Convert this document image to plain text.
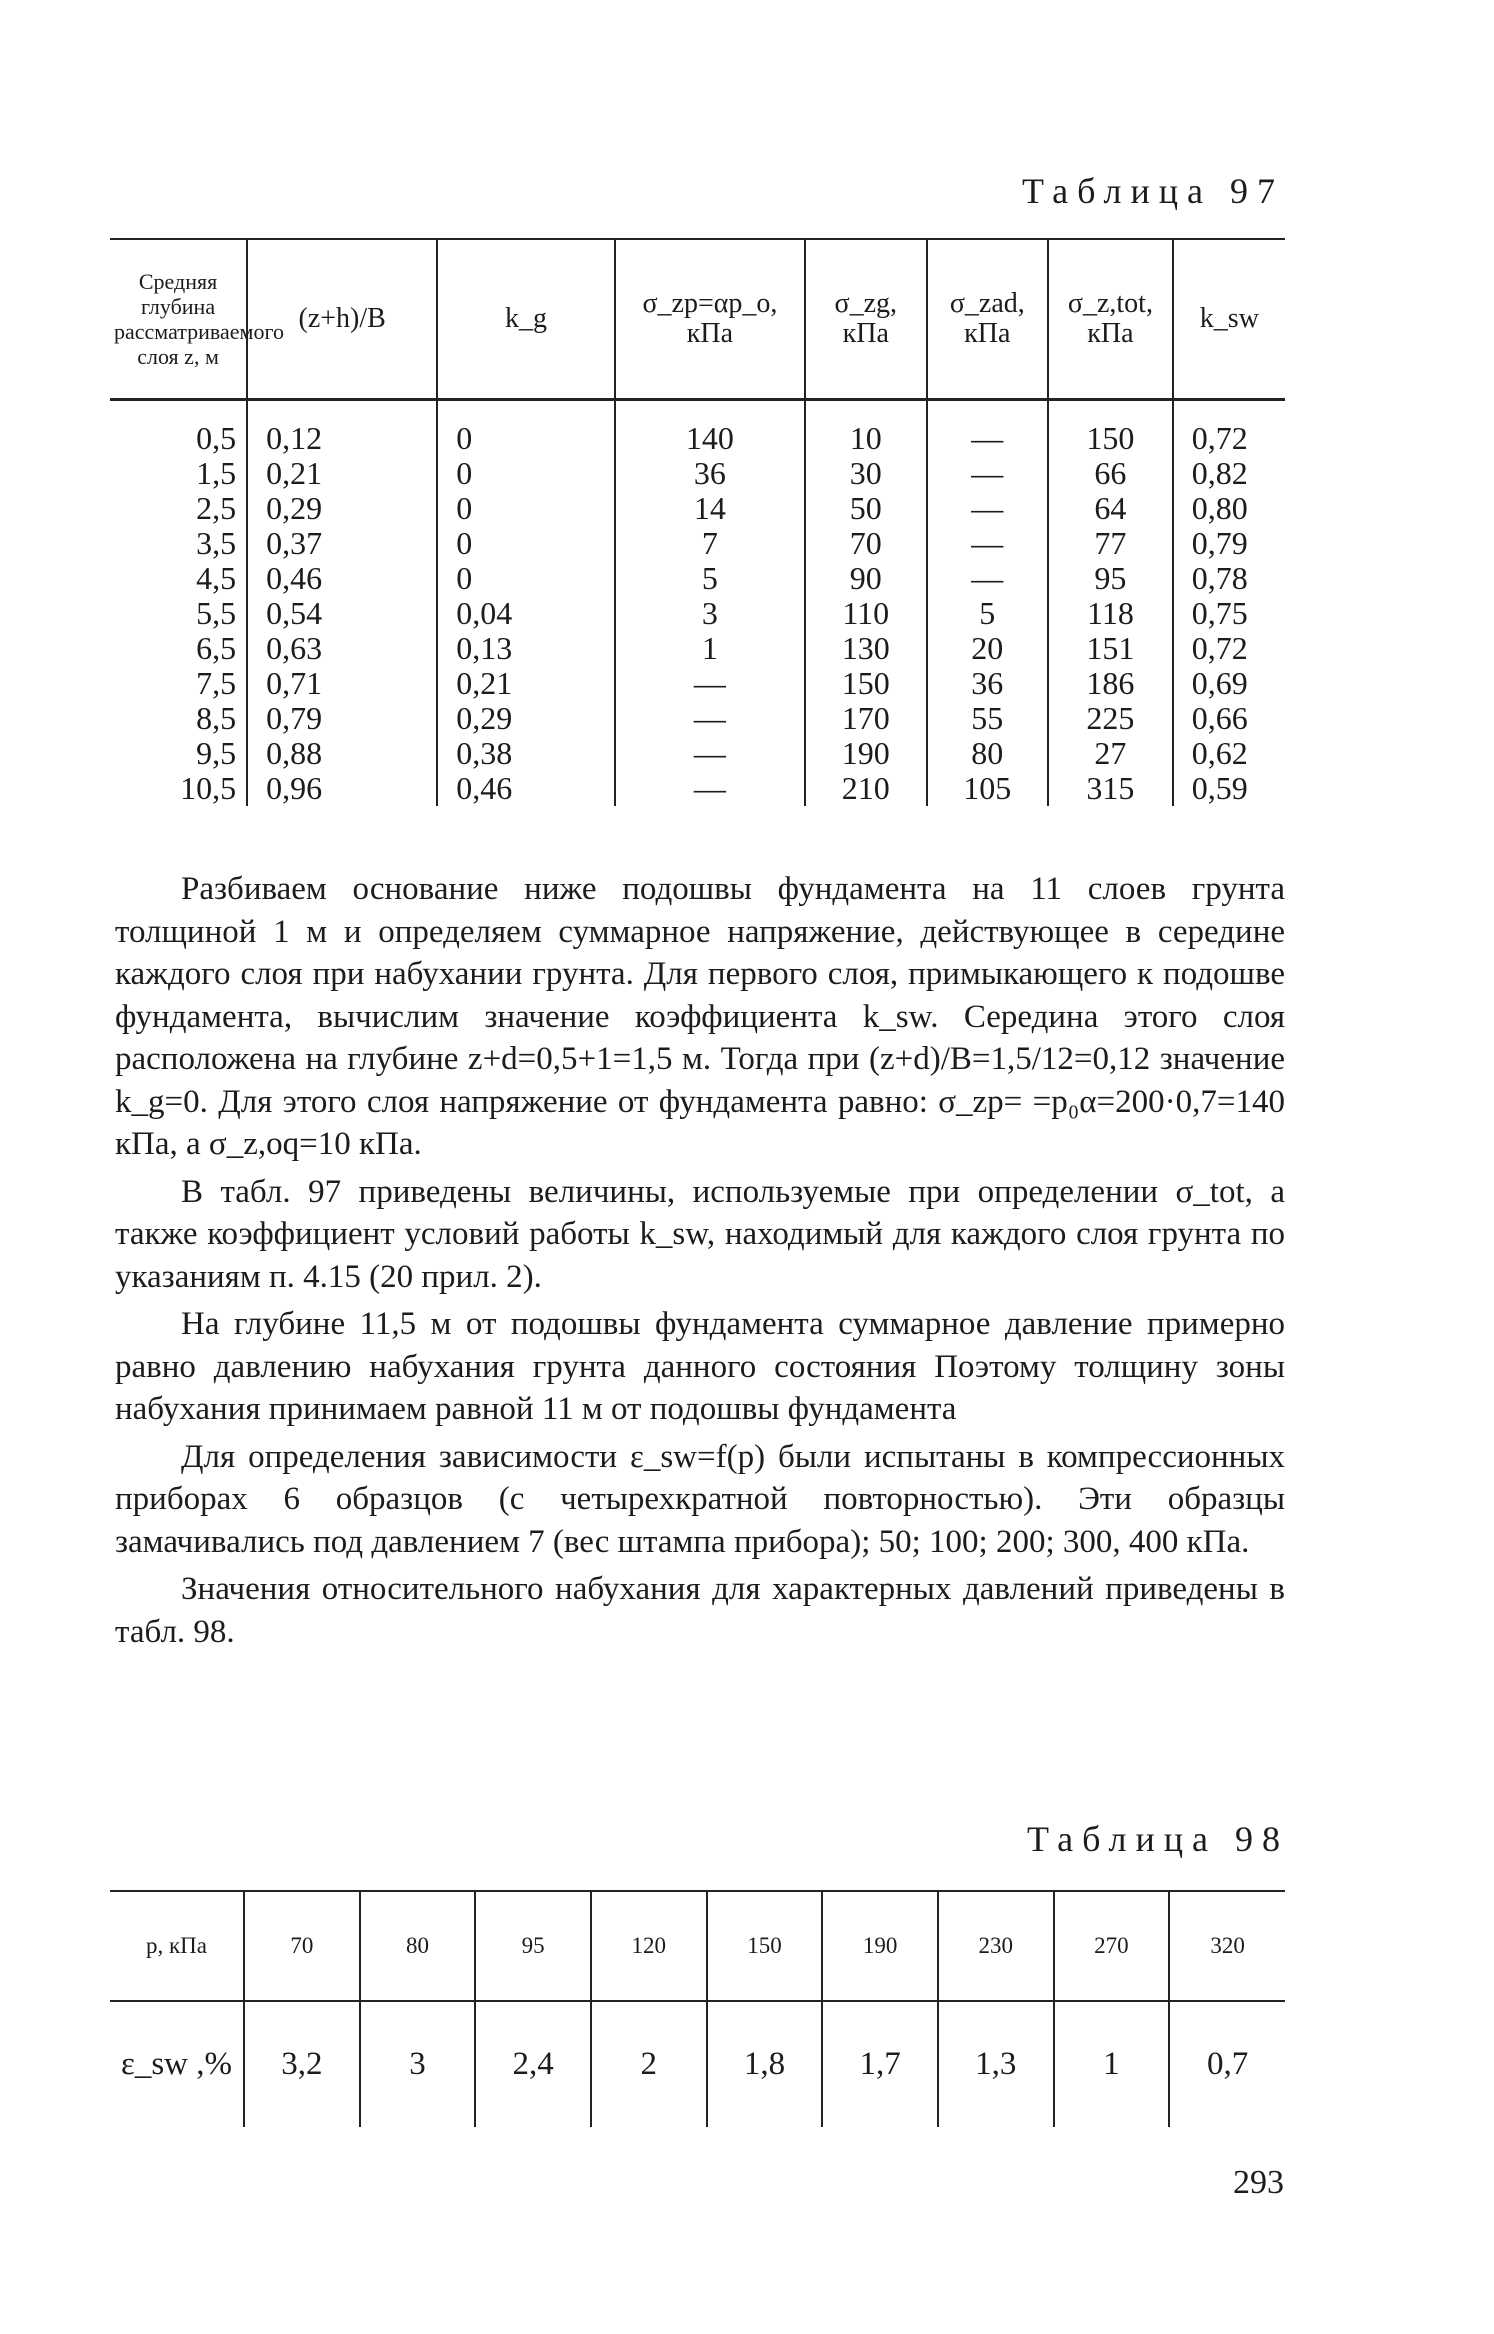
Таблица 97
Средняя глубина рассматриваемого слоя z, м	(z+h)/B	k_g	σ_zp=αp_o, кПа	σ_zg, кПа	σ_zad, кПа	σ_z,tot, кПа	k_sw
0,5	0,12	0	140	10	—	150	0,72
1,5	0,21	0	36	30	—	66	0,82
2,5	0,29	0	14	50	—	64	0,80
3,5	0,37	0	7	70	—	77	0,79
4,5	0,46	0	5	90	—	95	0,78
5,5	0,54	0,04	3	110	5	118	0,75
6,5	0,63	0,13	1	130	20	151	0,72
7,5	0,71	0,21	—	150	36	186	0,69
8,5	0,79	0,29	—	170	55	225	0,66
9,5	0,88	0,38	—	190	80	27	0,62
10,5	0,96	0,46	—	210	105	315	0,59

Разбиваем основание ниже подошвы фундамента на 11 слоев грунта толщиной 1 м и определяем суммарное напряжение, действующее в середине каждого слоя при набухании грунта. Для первого слоя, примыкающего к подошве фундамента, вычислим значение коэффициента k_sw. Середина этого слоя расположена на глубине z+d=0,5+1=1,5 м. Тогда при (z+d)/B=1,5/12=0,12 значение k_g=0. Для этого слоя напряжение от фундамента равно: σ_zp= =p₀α=200·0,7=140 кПа, а σ_z,oq=10 кПа.

В табл. 97 приведены величины, используемые при определении σ_tot, а также коэффициент условий работы k_sw, находимый для каждого слоя грунта по указаниям п. 4.15 (20 прил. 2).

На глубине 11,5 м от подошвы фундамента суммарное давление примерно равно давлению набухания грунта данного состояния Поэтому толщину зоны набухания принимаем равной 11 м от подошвы фундамента

Для определения зависимости ε_sw=f(p) были испытаны в компрессионных приборах 6 образцов (с четырехкратной повторностью). Эти образцы замачивались под давлением 7 (вес штампа прибора); 50; 100; 200; 300, 400 кПа.

Значения относительного набухания для характерных давлений приведены в табл. 98.

Таблица 98
p, кПа	70	80	95	120	150	190	230	270	320
ε_sw ,%	3,2	3	2,4	2	1,8	1,7	1,3	1	0,7
293
